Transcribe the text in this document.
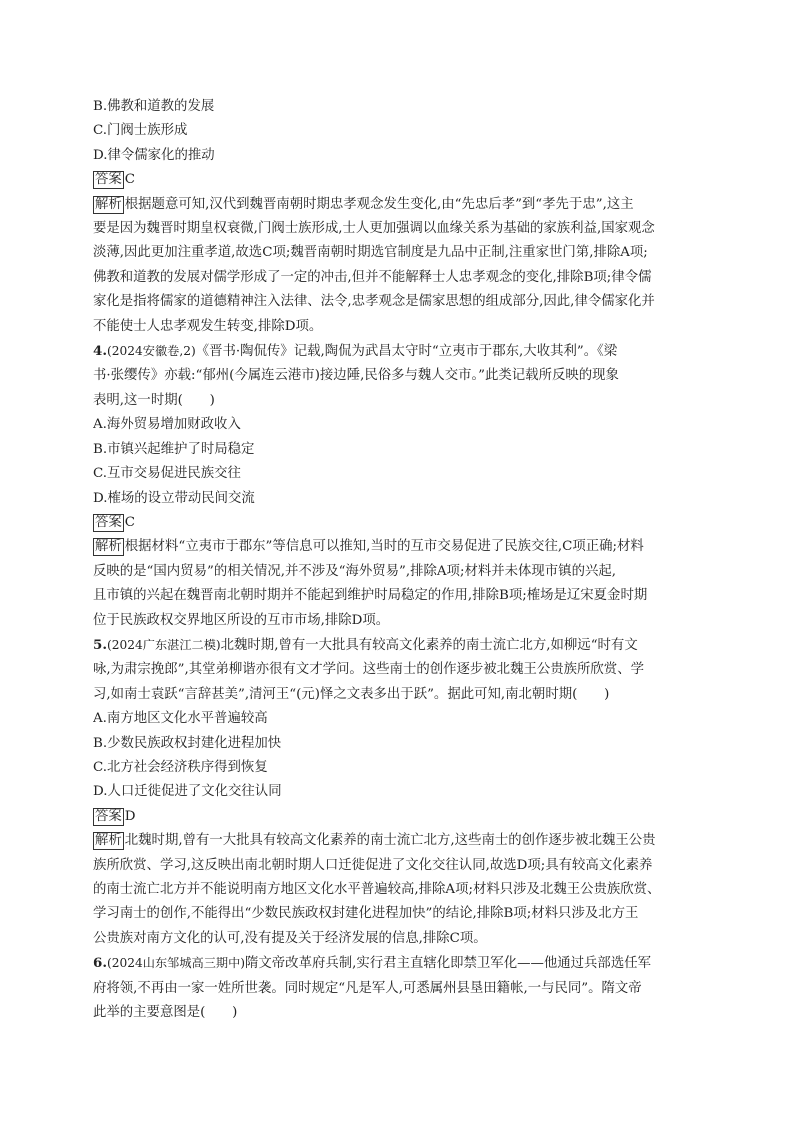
B.佛教和道教的发展
C.门阀士族形成
D.律令儒家化的推动
答案 C
解析 根据题意可知,汉代到魏晋南朝时期忠孝观念发生变化,由“先忠后孝”到“孝先于忠”,这主
要是因为魏晋时期皇权衰微,门阀士族形成,士人更加强调以血缘关系为基础的家族利益,国家观念
淡薄,因此更加注重孝道,故选C项;魏晋南朝时期选官制度是九品中正制,注重家世门第,排除A项;
佛教和道教的发展对儒学形成了一定的冲击,但并不能解释士人忠孝观念的变化,排除B项;律令儒
家化是指将儒家的道德精神注入法律、法令,忠孝观念是儒家思想的组成部分,因此,律令儒家化并
不能使士人忠孝观发生转变,排除D项。
4.(2024安徽卷,2)《晋书·陶侃传》记载,陶侃为武昌太守时“立夷市于郡东,大收其利”。《梁
书·张缨传》亦载:“郁州(今属连云港市)接边陲,民俗多与魏人交市。”此类记载所反映的现象
表明,这一时期(　　)
A.海外贸易增加财政收入
B.市镇兴起维护了时局稳定
C.互市交易促进民族交往
D.榷场的设立带动民间交流
答案 C
解析 根据材料“立夷市于郡东”等信息可以推知,当时的互市交易促进了民族交往,C项正确;材料
反映的是“国内贸易”的相关情况,并不涉及“海外贸易”,排除A项;材料并未体现市镇的兴起,
且市镇的兴起在魏晋南北朝时期并不能起到维护时局稳定的作用,排除B项;榷场是辽宋夏金时期
位于民族政权交界地区所设的互市市场,排除D项。
5.(2024广东湛江二模)北魏时期,曾有一大批具有较高文化素养的南士流亡北方,如柳远“时有文
咏,为肃宗挽郎”,其堂弟柳谐亦很有文才学问。这些南士的创作逐步被北魏王公贵族所欣赏、学
习,如南士袁跃“言辞甚美”,清河王“(元)怿之文表多出于跃”。据此可知,南北朝时期(　　)
A.南方地区文化水平普遍较高
B.少数民族政权封建化进程加快
C.北方社会经济秩序得到恢复
D.人口迁徙促进了文化交往认同
答案 D
解析 北魏时期,曾有一大批具有较高文化素养的南士流亡北方,这些南士的创作逐步被北魏王公贵
族所欣赏、学习,这反映出南北朝时期人口迁徙促进了文化交往认同,故选D项;具有较高文化素养
的南士流亡北方并不能说明南方地区文化水平普遍较高,排除A项;材料只涉及北魏王公贵族欣赏、
学习南士的创作,不能得出“少数民族政权封建化进程加快”的结论,排除B项;材料只涉及北方王
公贵族对南方文化的认可,没有提及关于经济发展的信息,排除C项。
6.(2024山东邹城高三期中)隋文帝改革府兵制,实行君主直辖化即禁卫军化——他通过兵部选任军
府将领,不再由一家一姓所世袭。同时规定“凡是军人,可悉属州县垦田籍帐,一与民同”。隋文帝
此举的主要意图是(　　)
